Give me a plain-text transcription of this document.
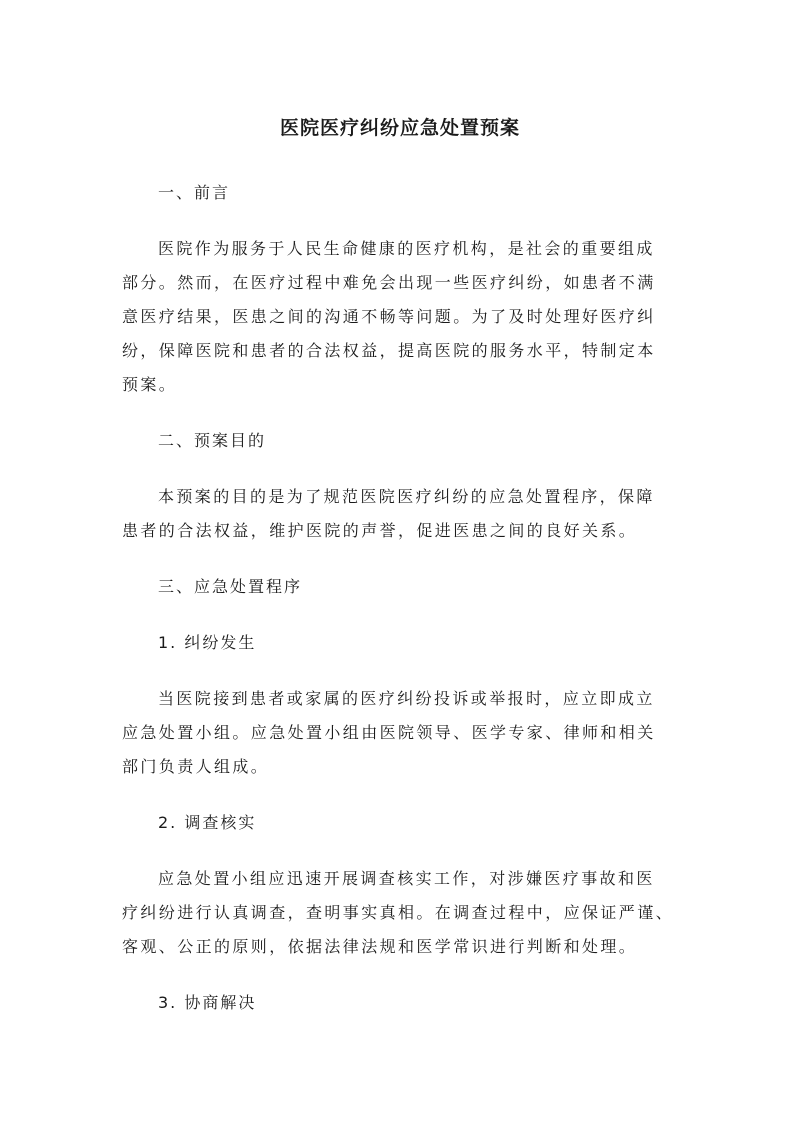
医院医疗纠纷应急处置预案
一、前言
医院作为服务于人民生命健康的医疗机构，是社会的重要组成
部分。然而，在医疗过程中难免会出现一些医疗纠纷，如患者不满
意医疗结果，医患之间的沟通不畅等问题。为了及时处理好医疗纠
纷，保障医院和患者的合法权益，提高医院的服务水平，特制定本
预案。
二、预案目的
本预案的目的是为了规范医院医疗纠纷的应急处置程序，保障
患者的合法权益，维护医院的声誉，促进医患之间的良好关系。
三、应急处置程序
1. 纠纷发生
当医院接到患者或家属的医疗纠纷投诉或举报时，应立即成立
应急处置小组。应急处置小组由医院领导、医学专家、律师和相关
部门负责人组成。
2. 调查核实
应急处置小组应迅速开展调查核实工作，对涉嫌医疗事故和医
疗纠纷进行认真调查，查明事实真相。在调查过程中，应保证严谨、
客观、公正的原则，依据法律法规和医学常识进行判断和处理。
3. 协商解决
